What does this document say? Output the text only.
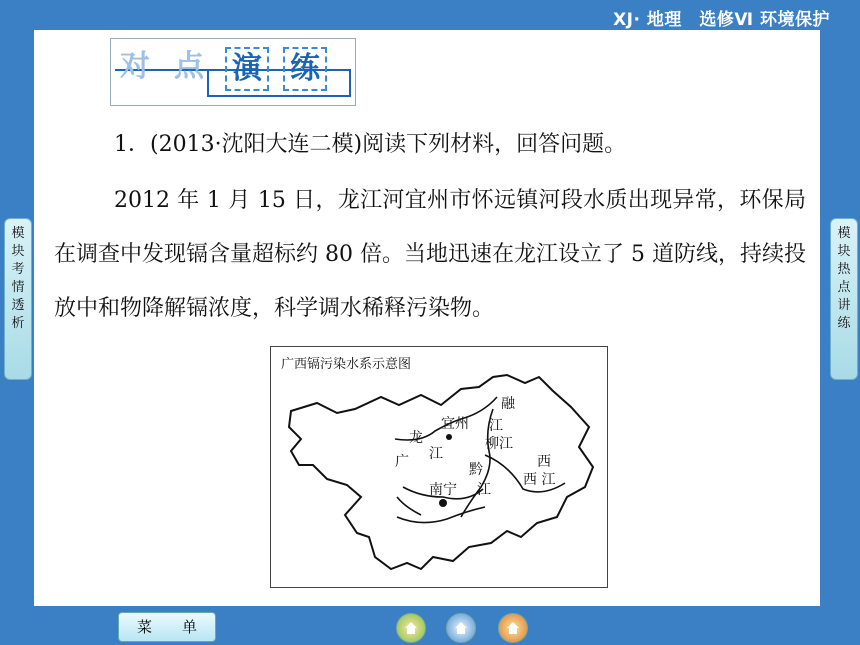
XJ· 地理　选修Ⅵ 环境保护
对 点 演 练
1．(2013·沈阳大连二模)阅读下列材料，回答问题。

2012 年 1 月 15 日，龙江河宜州市怀远镇河段水质出现异常，环保局在调查中发现镉含量超标约 80 倍。当地迅速在龙江设立了 5 道防线，持续投放中和物降解镉浓度，科学调水稀释污染物。

广西镉污染水系示意图
宜州
龙
江
广
融
江
柳江
黔
江
南宁
西
西 江
模
块
考
情
透
析
模
块
热
点
讲
练
菜　　单
